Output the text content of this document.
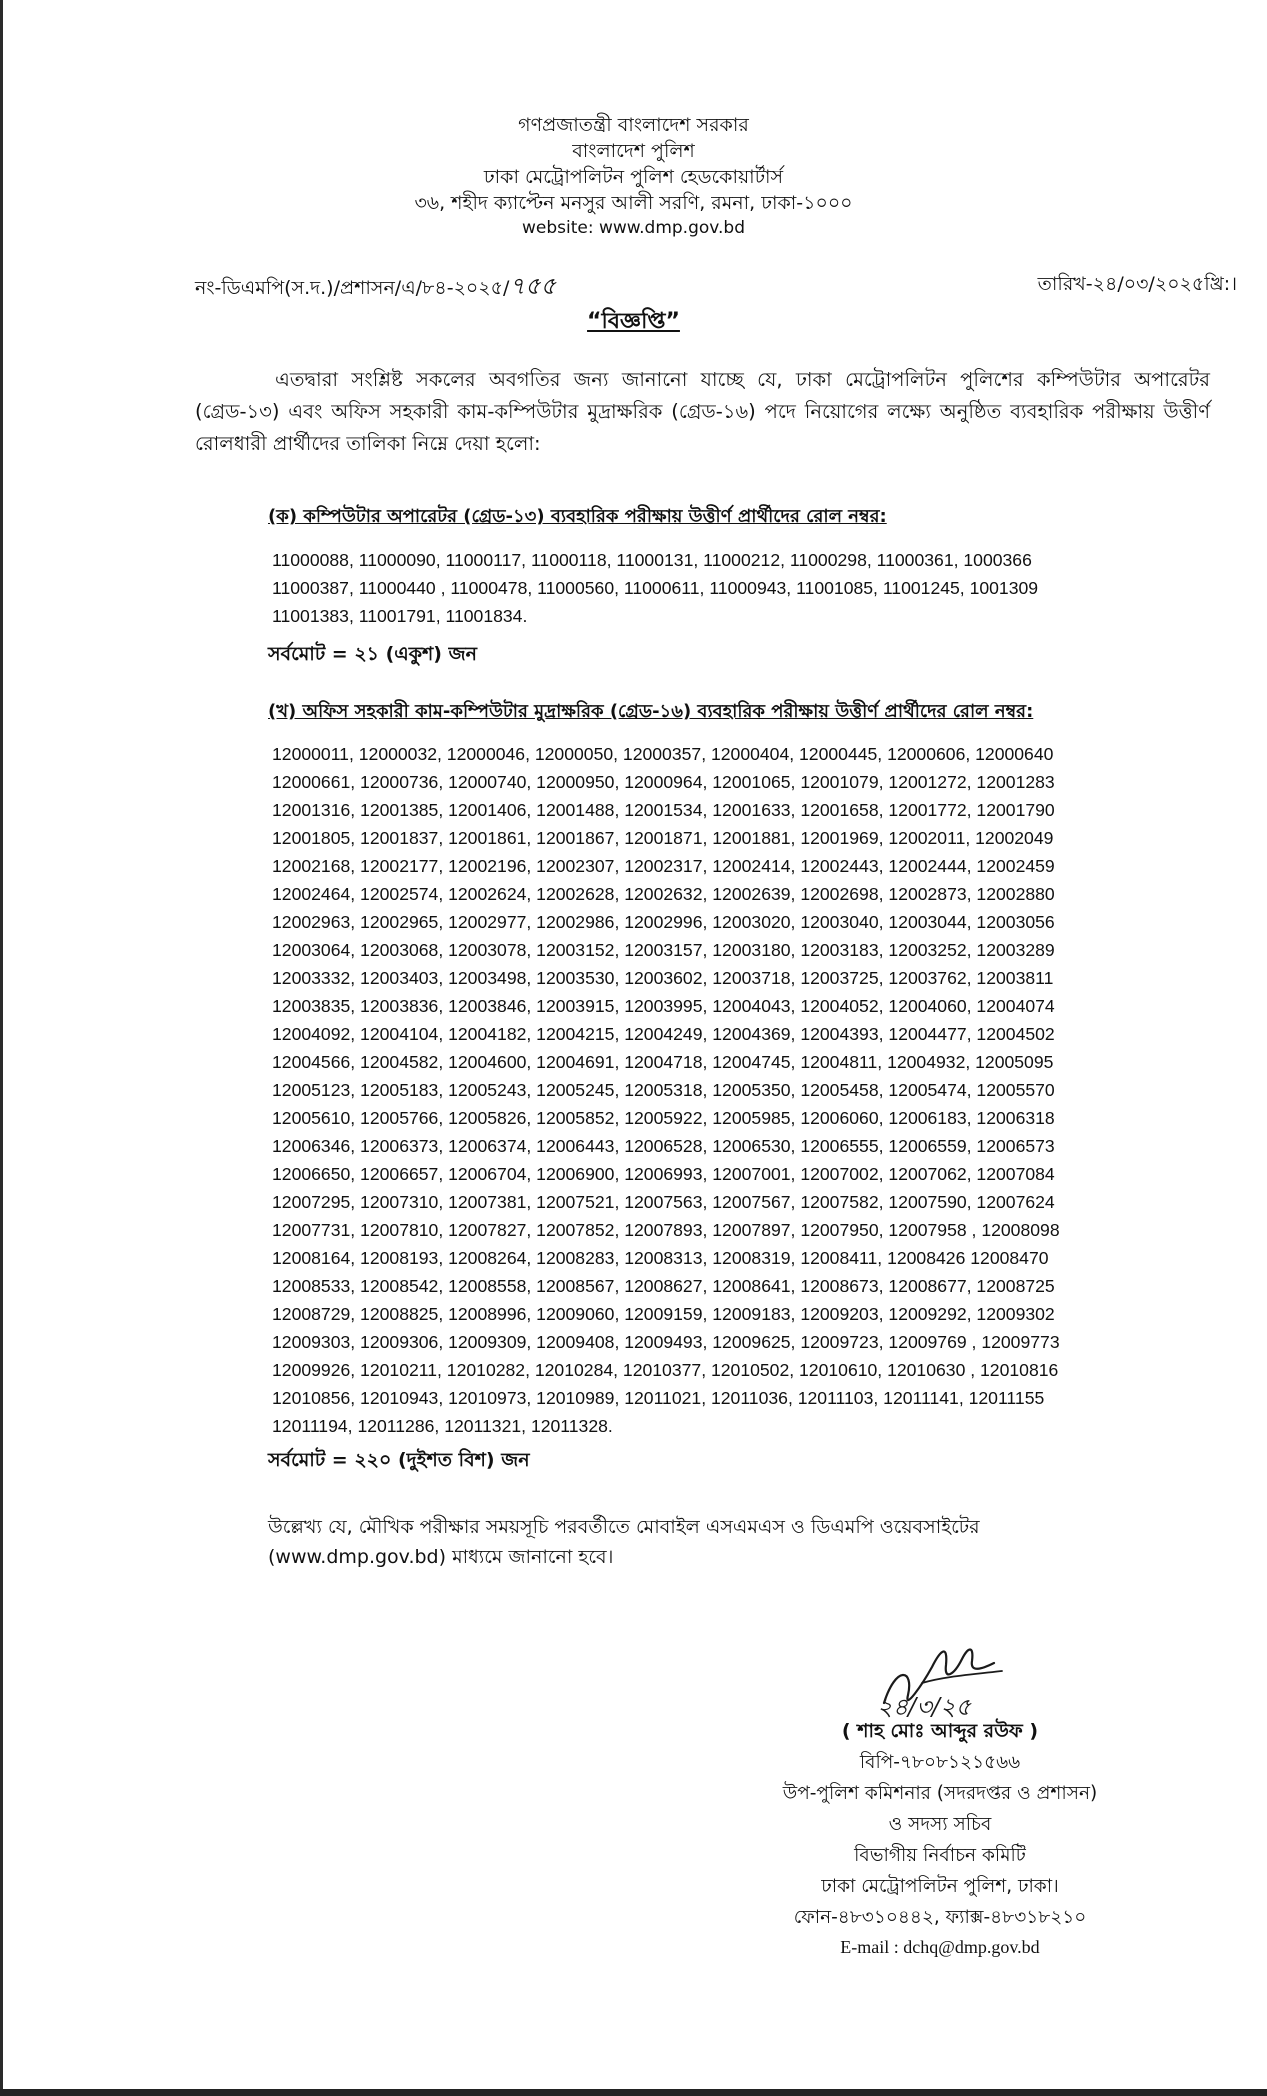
গণপ্রজাতন্ত্রী বাংলাদেশ সরকার
বাংলাদেশ পুলিশ
ঢাকা মেট্রোপলিটন পুলিশ হেডকোয়ার্টার্স
৩৬, শহীদ ক্যাপ্টেন মনসুর আলী সরণি, রমনা, ঢাকা-১০০০
website: www.dmp.gov.bd
নং-ডিএমপি(স.দ.)/প্রশাসন/এ/৮৪-২০২৫/৭৫৫	তারিখ-২৪/০৩/২০২৫খ্রি:।
“বিজ্ঞপ্তি”
এতদ্বারা সংশ্লিষ্ট সকলের অবগতির জন্য জানানো যাচ্ছে যে, ঢাকা মেট্রোপলিটন পুলিশের কম্পিউটার অপারেটর (গ্রেড-১৩) এবং অফিস সহকারী কাম-কম্পিউটার মুদ্রাক্ষরিক (গ্রেড-১৬) পদে নিয়োগের লক্ষ্যে অনুষ্ঠিত ব্যবহারিক পরীক্ষায় উত্তীর্ণ রোলধারী প্রার্থীদের তালিকা নিম্নে দেয়া হলো:
(ক) কম্পিউটার অপারেটর (গ্রেড-১৩) ব্যবহারিক পরীক্ষায় উত্তীর্ণ প্রার্থীদের রোল নম্বর:
11000088, 11000090, 11000117, 11000118, 11000131, 11000212, 11000298, 11000361, 1000366
11000387, 11000440 , 11000478, 11000560, 11000611, 11000943, 11001085, 11001245, 1001309
11001383, 11001791, 11001834.
সর্বমোট = ২১ (একুশ) জন
(খ) অফিস সহকারী কাম-কম্পিউটার মুদ্রাক্ষরিক (গ্রেড-১৬) ব্যবহারিক পরীক্ষায় উত্তীর্ণ প্রার্থীদের রোল নম্বর:
12000011, 12000032, 12000046, 12000050, 12000357, 12000404, 12000445, 12000606, 12000640
12000661, 12000736, 12000740, 12000950, 12000964, 12001065, 12001079, 12001272, 12001283
12001316, 12001385, 12001406, 12001488, 12001534, 12001633, 12001658, 12001772, 12001790
12001805, 12001837, 12001861, 12001867, 12001871, 12001881, 12001969, 12002011, 12002049
12002168, 12002177, 12002196, 12002307, 12002317, 12002414, 12002443, 12002444, 12002459
12002464, 12002574, 12002624, 12002628, 12002632, 12002639, 12002698, 12002873, 12002880
12002963, 12002965, 12002977, 12002986, 12002996, 12003020, 12003040, 12003044, 12003056
12003064, 12003068, 12003078, 12003152, 12003157, 12003180, 12003183, 12003252, 12003289
12003332, 12003403, 12003498, 12003530, 12003602, 12003718, 12003725, 12003762, 12003811
12003835, 12003836, 12003846, 12003915, 12003995, 12004043, 12004052, 12004060, 12004074
12004092, 12004104, 12004182, 12004215, 12004249, 12004369, 12004393, 12004477, 12004502
12004566, 12004582, 12004600, 12004691, 12004718, 12004745, 12004811, 12004932, 12005095
12005123, 12005183, 12005243, 12005245, 12005318, 12005350, 12005458, 12005474, 12005570
12005610, 12005766, 12005826, 12005852, 12005922, 12005985, 12006060, 12006183, 12006318
12006346, 12006373, 12006374, 12006443, 12006528, 12006530, 12006555, 12006559, 12006573
12006650, 12006657, 12006704, 12006900, 12006993, 12007001, 12007002, 12007062, 12007084
12007295, 12007310, 12007381, 12007521, 12007563, 12007567, 12007582, 12007590, 12007624
12007731, 12007810, 12007827, 12007852, 12007893, 12007897, 12007950, 12007958 , 12008098
12008164, 12008193, 12008264, 12008283, 12008313, 12008319, 12008411, 12008426 12008470
12008533, 12008542, 12008558, 12008567, 12008627, 12008641, 12008673, 12008677, 12008725
12008729, 12008825, 12008996, 12009060, 12009159, 12009183, 12009203, 12009292, 12009302
12009303, 12009306, 12009309, 12009408, 12009493, 12009625, 12009723, 12009769 , 12009773
12009926, 12010211, 12010282, 12010284, 12010377, 12010502, 12010610, 12010630 , 12010816
12010856, 12010943, 12010973, 12010989, 12011021, 12011036, 12011103, 12011141, 12011155
12011194, 12011286, 12011321, 12011328.
সর্বমোট = ২২০ (দুইশত বিশ) জন
উল্লেখ্য যে, মৌখিক পরীক্ষার সময়সূচি পরবর্তীতে মোবাইল এসএমএস ও ডিএমপি ওয়েবসাইটের
(www.dmp.gov.bd) মাধ্যমে জানানো হবে।
২৪/৩/২৫
( শাহ মোঃ আব্দুর রউফ )
বিপি-৭৮০৮১২১৫৬৬
উপ-পুলিশ কমিশনার (সদরদপ্তর ও প্রশাসন)
ও সদস্য সচিব
বিভাগীয় নির্বাচন কমিটি
ঢাকা মেট্রোপলিটন পুলিশ, ঢাকা।
ফোন-৪৮৩১০৪৪২, ফ্যাক্স-৪৮৩১৮২১০
E-mail : dchq@dmp.gov.bd
